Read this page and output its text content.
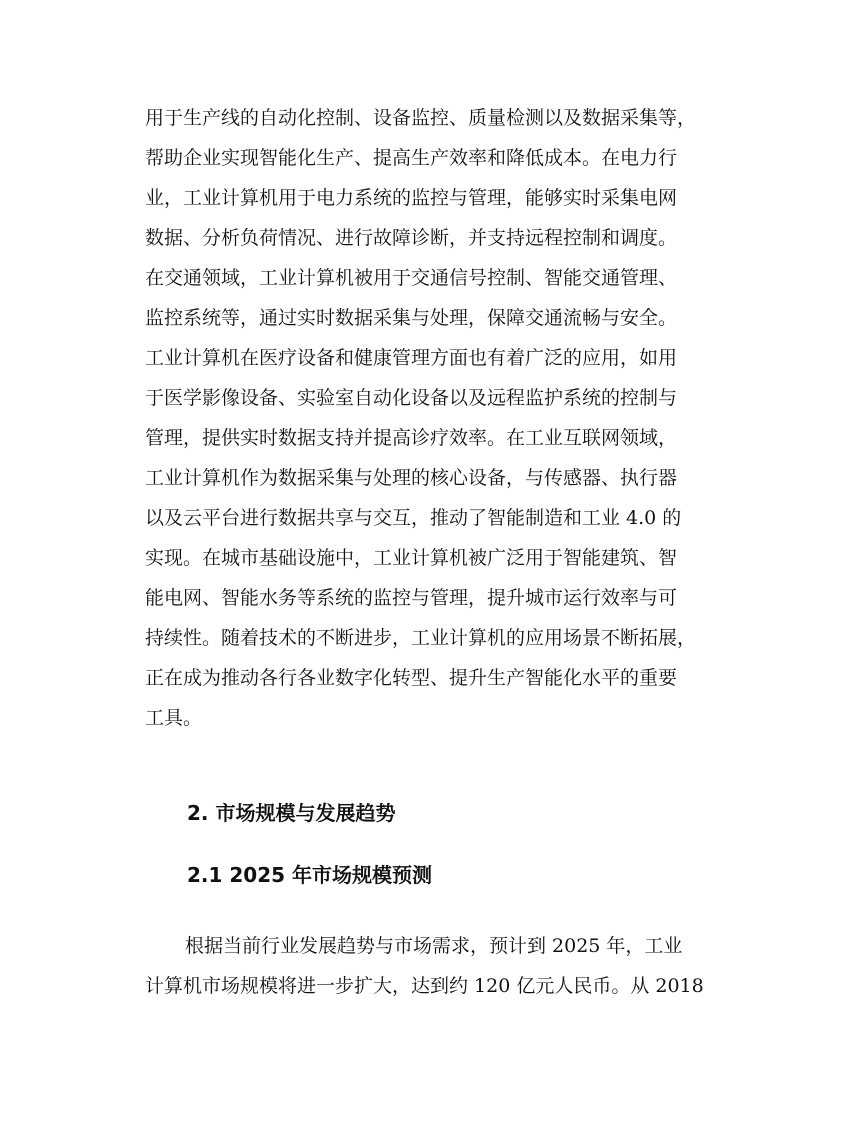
用于生产线的自动化控制、设备监控、质量检测以及数据采集等，
帮助企业实现智能化生产、提高生产效率和降低成本。在电力行
业，工业计算机用于电力系统的监控与管理，能够实时采集电网
数据、分析负荷情况、进行故障诊断，并支持远程控制和调度。
在交通领域，工业计算机被用于交通信号控制、智能交通管理、
监控系统等，通过实时数据采集与处理，保障交通流畅与安全。
工业计算机在医疗设备和健康管理方面也有着广泛的应用，如用
于医学影像设备、实验室自动化设备以及远程监护系统的控制与
管理，提供实时数据支持并提高诊疗效率。在工业互联网领域，
工业计算机作为数据采集与处理的核心设备，与传感器、执行器
以及云平台进行数据共享与交互，推动了智能制造和工业 4.0 的
实现。在城市基础设施中，工业计算机被广泛用于智能建筑、智
能电网、智能水务等系统的监控与管理，提升城市运行效率与可
持续性。随着技术的不断进步，工业计算机的应用场景不断拓展，
正在成为推动各行各业数字化转型、提升生产智能化水平的重要
工具。
2. 市场规模与发展趋势
2.1 2025 年市场规模预测
根据当前行业发展趋势与市场需求，预计到 2025 年，工业
计算机市场规模将进一步扩大，达到约 120 亿元人民币。从 2018
